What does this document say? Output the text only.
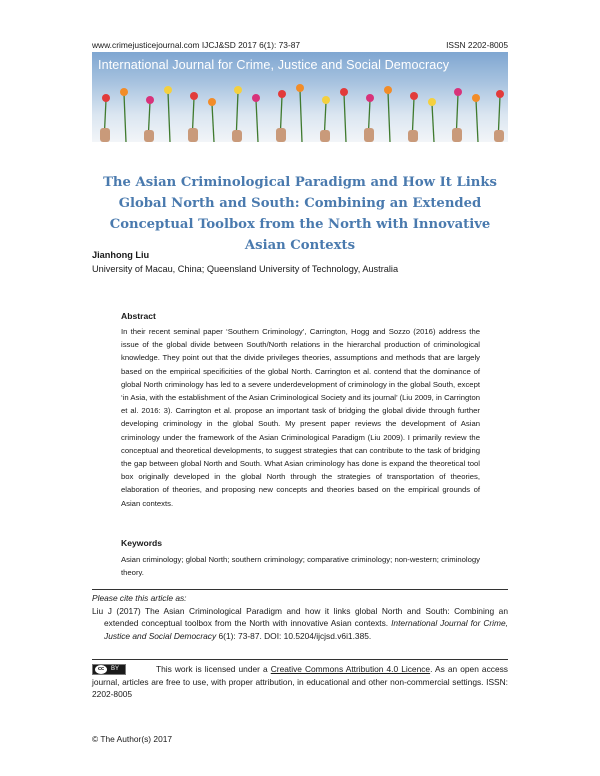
www.crimejusticejournal.com IJCJ&SD 2017 6(1): 73-87	ISSN 2202-8005
International Journal for Crime, Justice and Social Democracy
The Asian Criminological Paradigm and How It Links Global North and South: Combining an Extended Conceptual Toolbox from the North with Innovative Asian Contexts
Jianhong Liu
University of Macau, China; Queensland University of Technology, Australia
Abstract

In their recent seminal paper ‘Southern Criminology’, Carrington, Hogg and Sozzo (2016) address the issue of the global divide between South/North relations in the hierarchal production of criminological knowledge. They point out that the divide privileges theories, assumptions and methods that are largely based on the empirical specificities of the global North. Carrington et al. contend that the dominance of global North criminology has led to a severe underdevelopment of criminology in the global South, except ‘in Asia, with the establishment of the Asian Criminological Society and its journal’ (Liu 2009, in Carrington et al. 2016: 3). Carrington et al. propose an important task of bridging the global divide through further developing criminology in the global South. My present paper reviews the development of Asian criminology under the framework of the Asian Criminological Paradigm (Liu 2009). I primarily review the conceptual and theoretical developments, to suggest strategies that can contribute to the task of bridging the gap between global North and South. What Asian criminology has done is expand the theoretical tool box originally developed in the global North through the strategies of transportation of theories, elaboration of theories, and proposing new concepts and theories based on the empirical grounds of Asian contexts.

Keywords

Asian criminology; global North; southern criminology; comparative criminology; non-western; criminology theory.

Please cite this article as:

Liu J (2017) The Asian Criminological Paradigm and how it links global North and South: Combining an extended conceptual toolbox from the North with innovative Asian contexts. International Journal for Crime, Justice and Social Democracy 6(1): 73-87. DOI: 10.5204/ijcjsd.v6i1.385.

cc	BY	This work is licensed under a Creative Commons Attribution 4.0 Licence. As an open access journal, articles are free to use, with proper attribution, in educational and other non-commercial settings. ISSN: 2202-8005

© The Author(s) 2017
